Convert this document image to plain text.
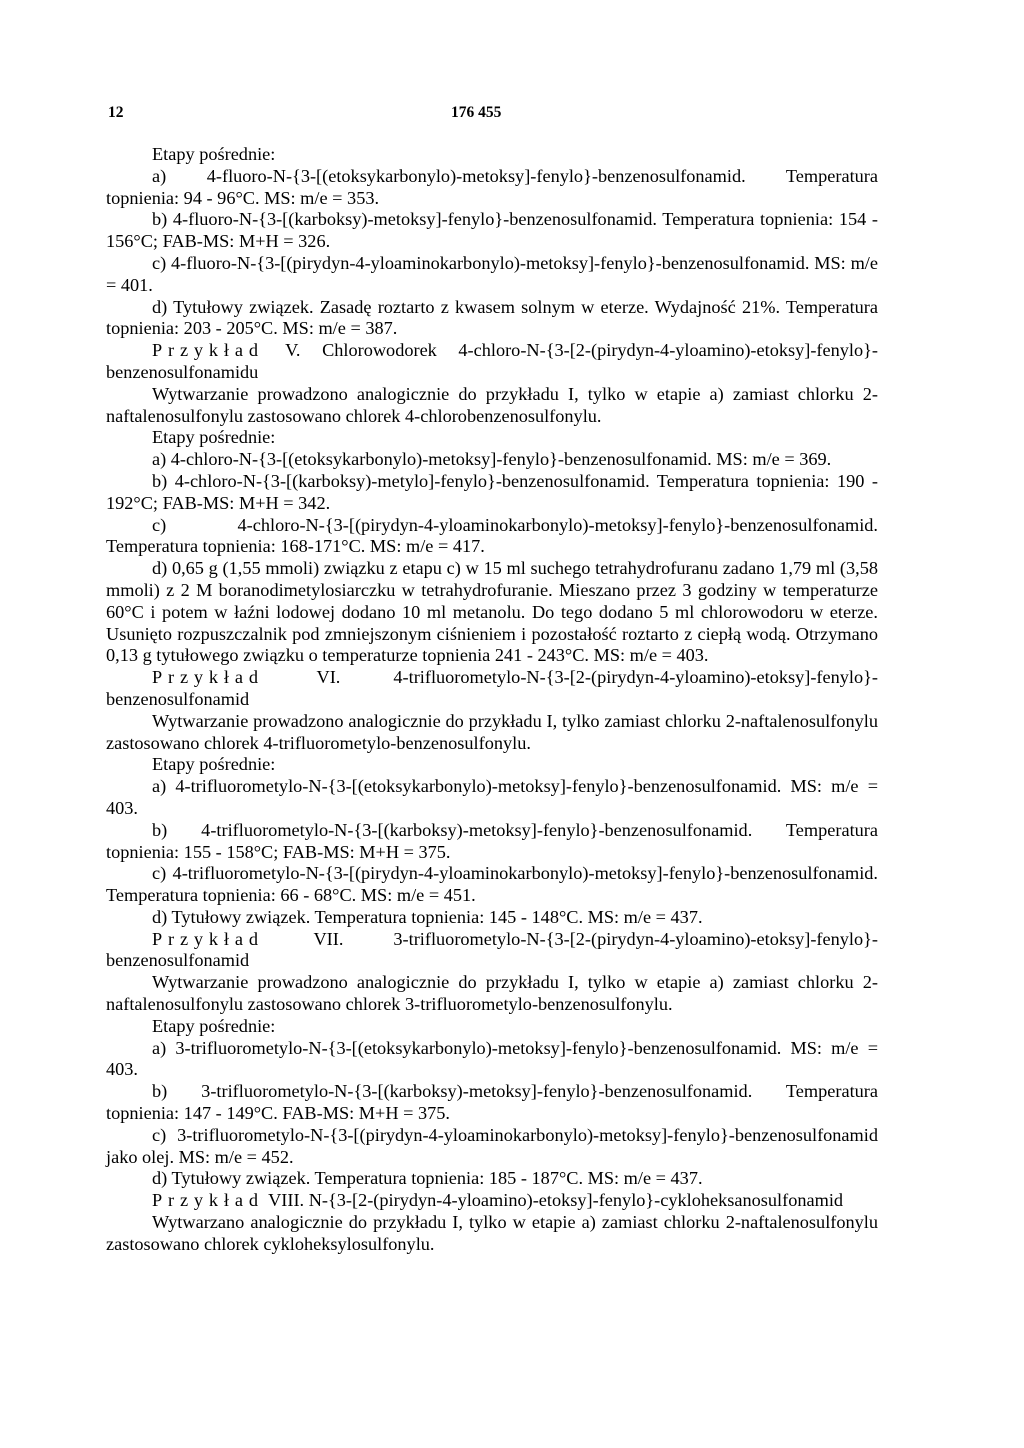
12	176 455

Etapy pośrednie:

a) 4-fluoro-N-{3-[(etoksykarbonylo)-metoksy]-fenylo}-benzenosulfonamid. Temperatura topnienia: 94 - 96°C. MS: m/e = 353.

b) 4-fluoro-N-{3-[(karboksy)-metoksy]-fenylo}-benzenosulfonamid. Temperatura topnienia: 154 - 156°C; FAB-MS: M+H = 326.

c) 4-fluoro-N-{3-[(pirydyn-4-yloaminokarbonylo)-metoksy]-fenylo}-benzenosulfonamid. MS: m/e = 401.

d) Tytułowy związek. Zasadę roztarto z kwasem solnym w eterze. Wydajność 21%. Temperatura topnienia: 203 - 205°C. MS: m/e = 387.

Przykład V. Chlorowodorek 4-chloro-N-{3-[2-(pirydyn-4-yloamino)-etoksy]-fenylo}-benzenosulfonamidu

Wytwarzanie prowadzono analogicznie do przykładu I, tylko w etapie a) zamiast chlorku 2-naftalenosulfonylu zastosowano chlorek 4-chlorobenzenosulfonylu.

Etapy pośrednie:

a) 4-chloro-N-{3-[(etoksykarbonylo)-metoksy]-fenylo}-benzenosulfonamid. MS: m/e = 369.

b) 4-chloro-N-{3-[(karboksy)-metylo]-fenylo}-benzenosulfonamid. Temperatura topnienia: 190 - 192°C; FAB-MS: M+H = 342.

c) 4-chloro-N-{3-[(pirydyn-4-yloaminokarbonylo)-metoksy]-fenylo}-benzenosulfonamid. Temperatura topnienia: 168-171°C. MS: m/e = 417.

d) 0,65 g (1,55 mmoli) związku z etapu c) w 15 ml suchego tetrahydrofuranu zadano 1,79 ml (3,58 mmoli) z 2 M boranodimetylosiarczku w tetrahydrofuranie. Mieszano przez 3 godziny w temperaturze 60°C i potem w łaźni lodowej dodano 10 ml metanolu. Do tego dodano 5 ml chlorowodoru w eterze. Usunięto rozpuszczalnik pod zmniejszonym ciśnieniem i pozostałość roztarto z ciepłą wodą. Otrzymano 0,13 g tytułowego związku o temperaturze topnienia 241 - 243°C. MS: m/e = 403.

Przykład VI. 4-trifluorometylo-N-{3-[2-(pirydyn-4-yloamino)-etoksy]-fenylo}-benzenosulfonamid

Wytwarzanie prowadzono analogicznie do przykładu I, tylko zamiast chlorku 2-naftalenosulfonylu zastosowano chlorek 4-trifluorometylo-benzenosulfonylu.

Etapy pośrednie:

a) 4-trifluorometylo-N-{3-[(etoksykarbonylo)-metoksy]-fenylo}-benzenosulfonamid. MS: m/e = 403.

b) 4-trifluorometylo-N-{3-[(karboksy)-metoksy]-fenylo}-benzenosulfonamid. Temperatura topnienia: 155 - 158°C; FAB-MS: M+H = 375.

c) 4-trifluorometylo-N-{3-[(pirydyn-4-yloaminokarbonylo)-metoksy]-fenylo}-benzenosulfonamid. Temperatura topnienia: 66 - 68°C. MS: m/e = 451.

d) Tytułowy związek. Temperatura topnienia: 145 - 148°C. MS: m/e = 437.

Przykład VII. 3-trifluorometylo-N-{3-[2-(pirydyn-4-yloamino)-etoksy]-fenylo}-benzenosulfonamid

Wytwarzanie prowadzono analogicznie do przykładu I, tylko w etapie a) zamiast chlorku 2-naftalenosulfonylu zastosowano chlorek 3-trifluorometylo-benzenosulfonylu.

Etapy pośrednie:

a) 3-trifluorometylo-N-{3-[(etoksykarbonylo)-metoksy]-fenylo}-benzenosulfonamid. MS: m/e = 403.

b) 3-trifluorometylo-N-{3-[(karboksy)-metoksy]-fenylo}-benzenosulfonamid. Temperatura topnienia: 147 - 149°C. FAB-MS: M+H = 375.

c) 3-trifluorometylo-N-{3-[(pirydyn-4-yloaminokarbonylo)-metoksy]-fenylo}-benzenosulfonamid jako olej. MS: m/e = 452.

d) Tytułowy związek. Temperatura topnienia: 185 - 187°C. MS: m/e = 437.

Przykład VIII. N-{3-[2-(pirydyn-4-yloamino)-etoksy]-fenylo}-cykloheksanosulfonamid

Wytwarzano analogicznie do przykładu I, tylko w etapie a) zamiast chlorku 2-naftalenosulfonylu zastosowano chlorek cykloheksylosulfonylu.
